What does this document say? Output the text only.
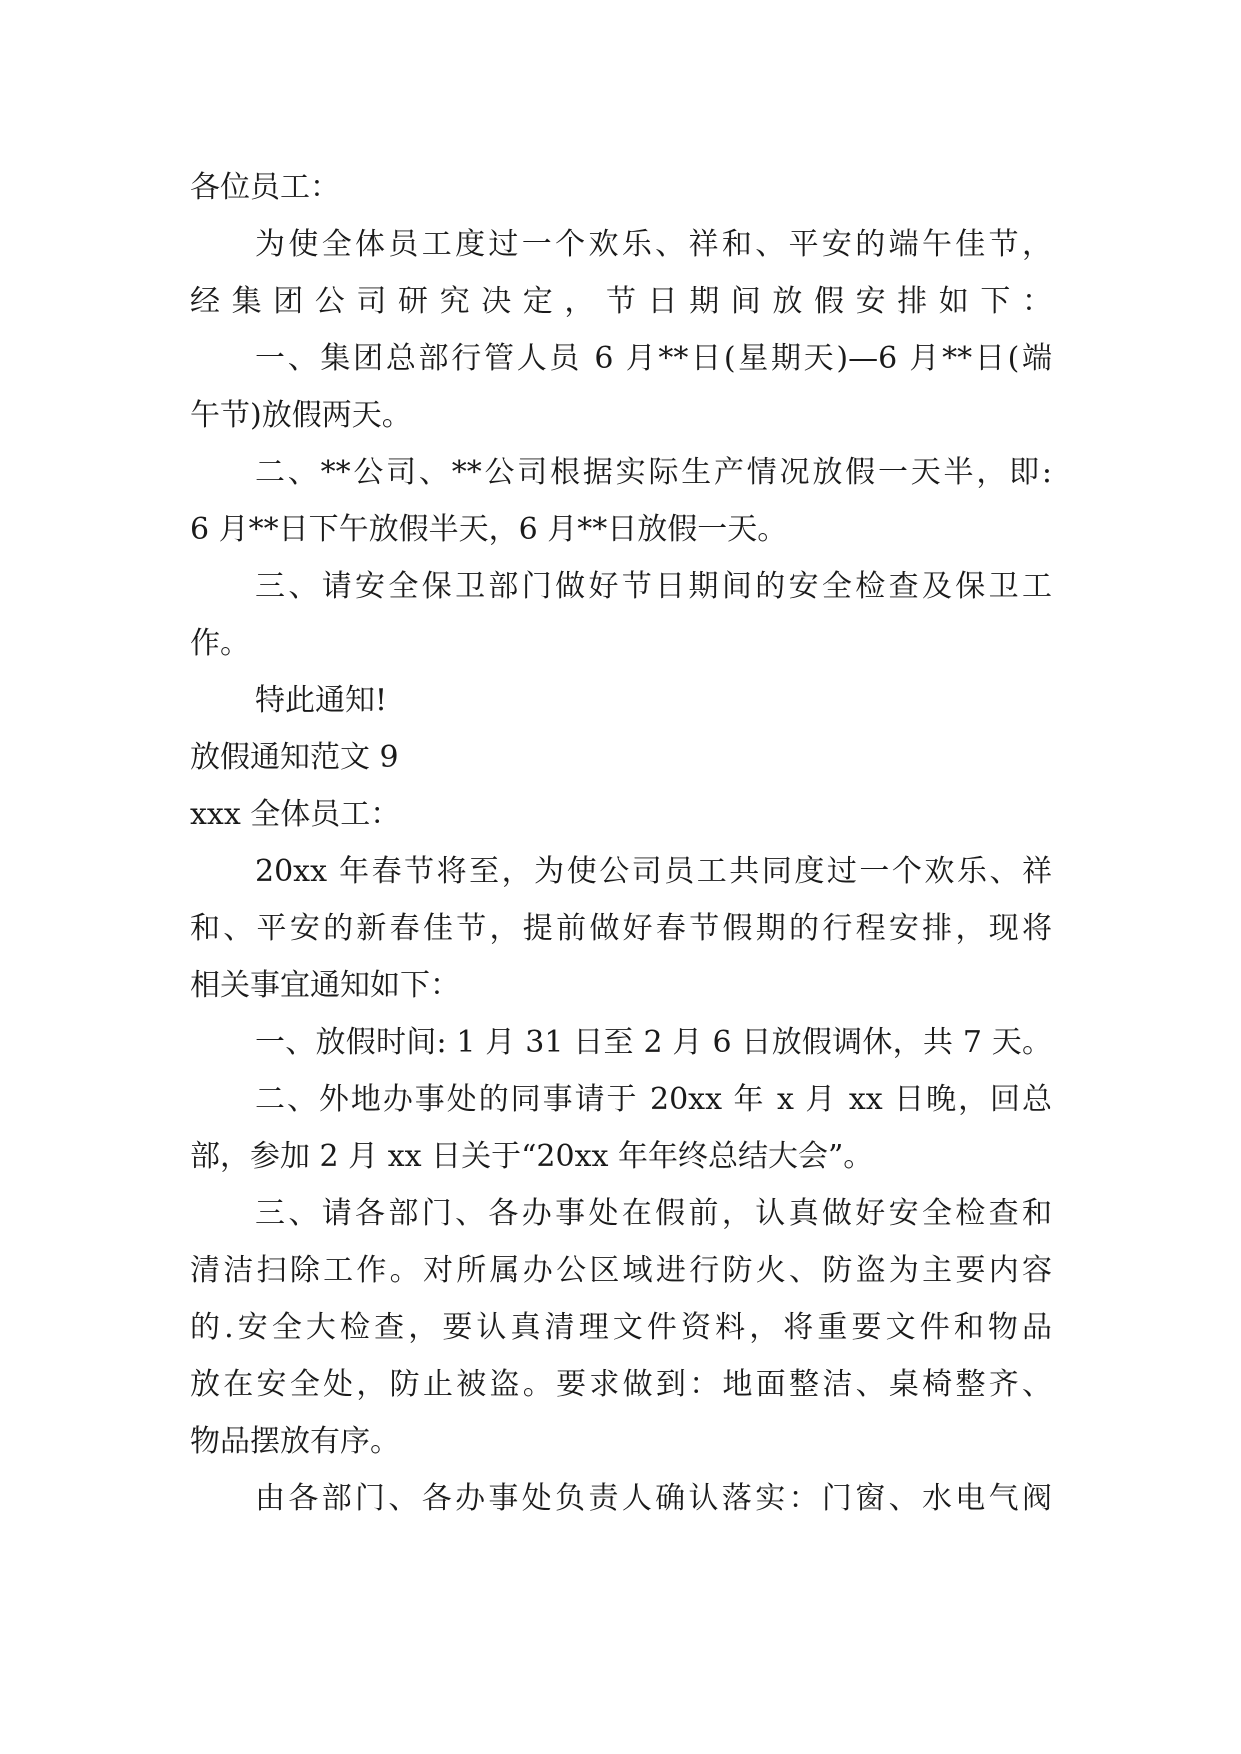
各位员工：
为使全体员工度过一个欢乐、祥和、平安的端午佳节，
经集团公司研究决定，节日期间放假安排如下：
一、集团总部行管人员 6 月**日(星期天)—6 月**日(端
午节)放假两天。
二、**公司、**公司根据实际生产情况放假一天半，即:
6 月**日下午放假半天，6 月**日放假一天。
三、请安全保卫部门做好节日期间的安全检查及保卫工
作。
特此通知!
放假通知范文 9
xxx 全体员工：
20xx 年春节将至，为使公司员工共同度过一个欢乐、祥
和、平安的新春佳节，提前做好春节假期的行程安排，现将
相关事宜通知如下：
一、放假时间: 1 月 31 日至 2 月 6 日放假调休，共 7 天。
二、外地办事处的同事请于 20xx 年 x 月 xx 日晚，回总
部，参加 2 月 xx 日关于“20xx 年年终总结大会”。
三、请各部门、各办事处在假前，认真做好安全检查和
清洁扫除工作。对所属办公区域进行防火、防盗为主要内容
的.安全大检查，要认真清理文件资料，将重要文件和物品
放在安全处，防止被盗。要求做到：地面整洁、桌椅整齐、
物品摆放有序。
由各部门、各办事处负责人确认落实：门窗、水电气阀
